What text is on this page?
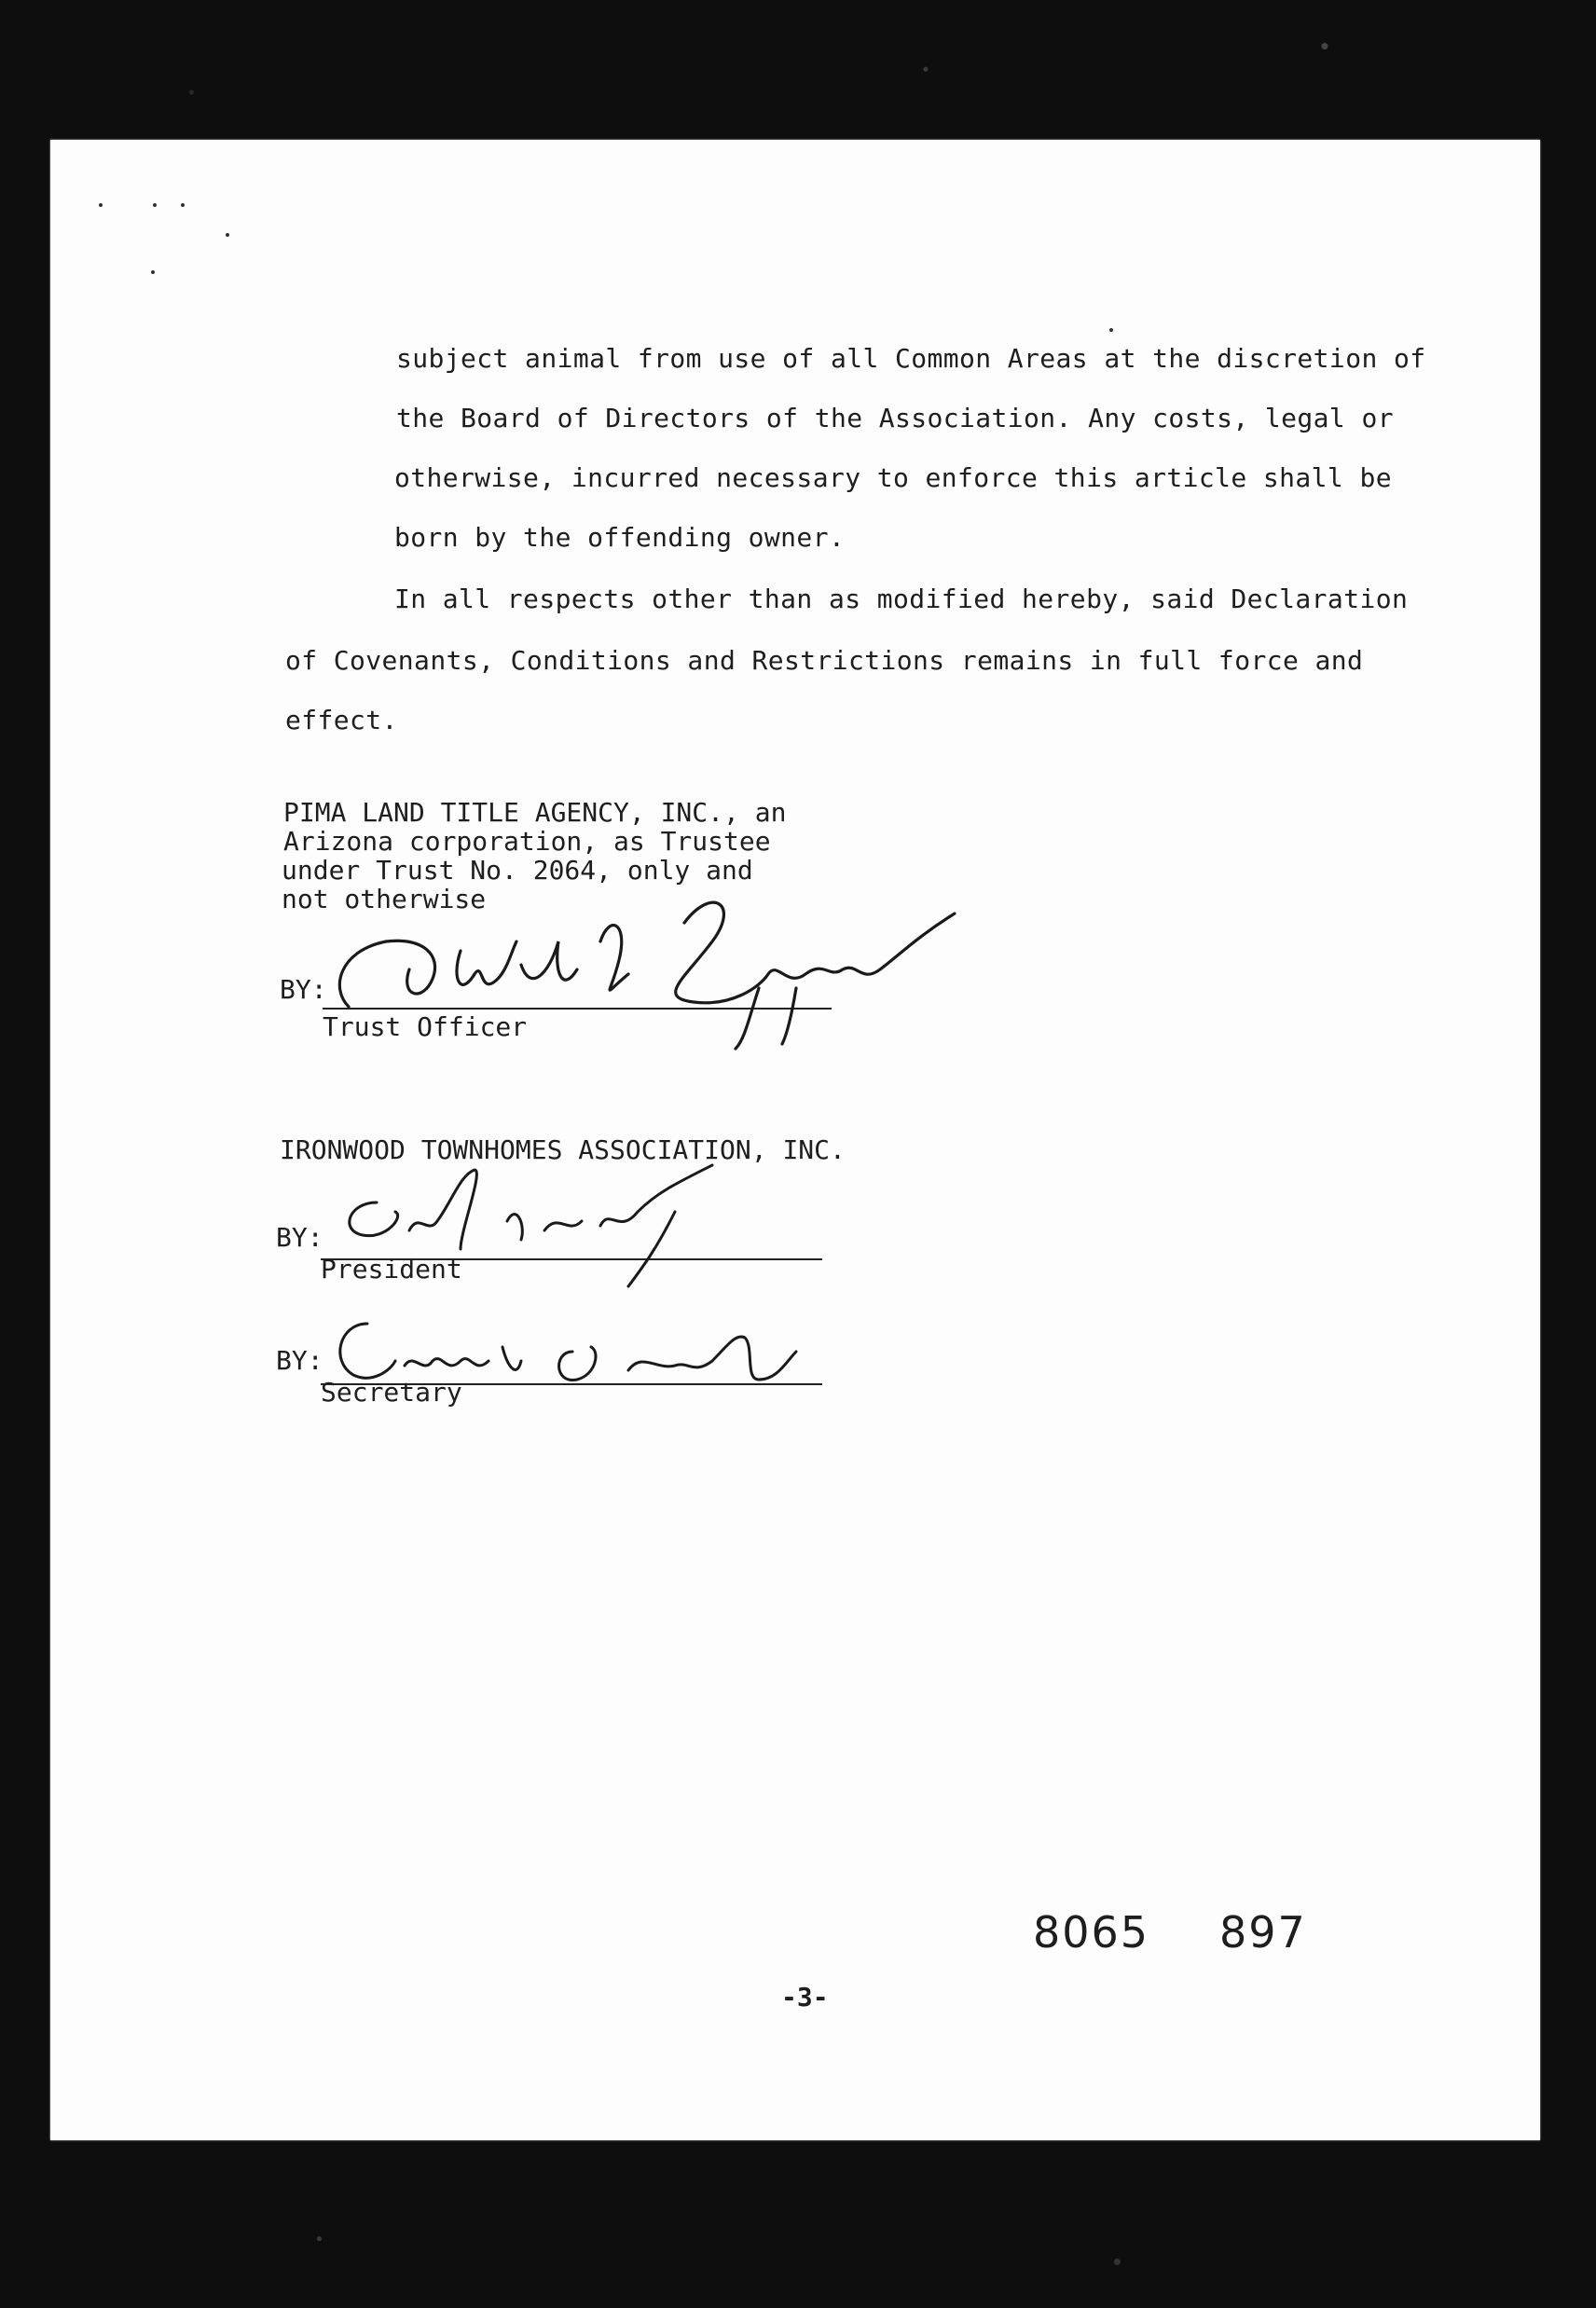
subject animal from use of all Common Areas at the discretion of
the Board of Directors of the Association. Any costs, legal or
otherwise, incurred necessary to enforce this article shall be
born by the offending owner.
In all respects other than as modified hereby, said Declaration
of Covenants, Conditions and Restrictions remains in full force and
effect.
PIMA LAND TITLE AGENCY, INC., an
Arizona corporation, as Trustee
under Trust No. 2064, only and
not otherwise
BY:
Trust Officer
IRONWOOD TOWNHOMES ASSOCIATION, INC.
BY:
President
BY:
Secretary
8065 897
-3-
